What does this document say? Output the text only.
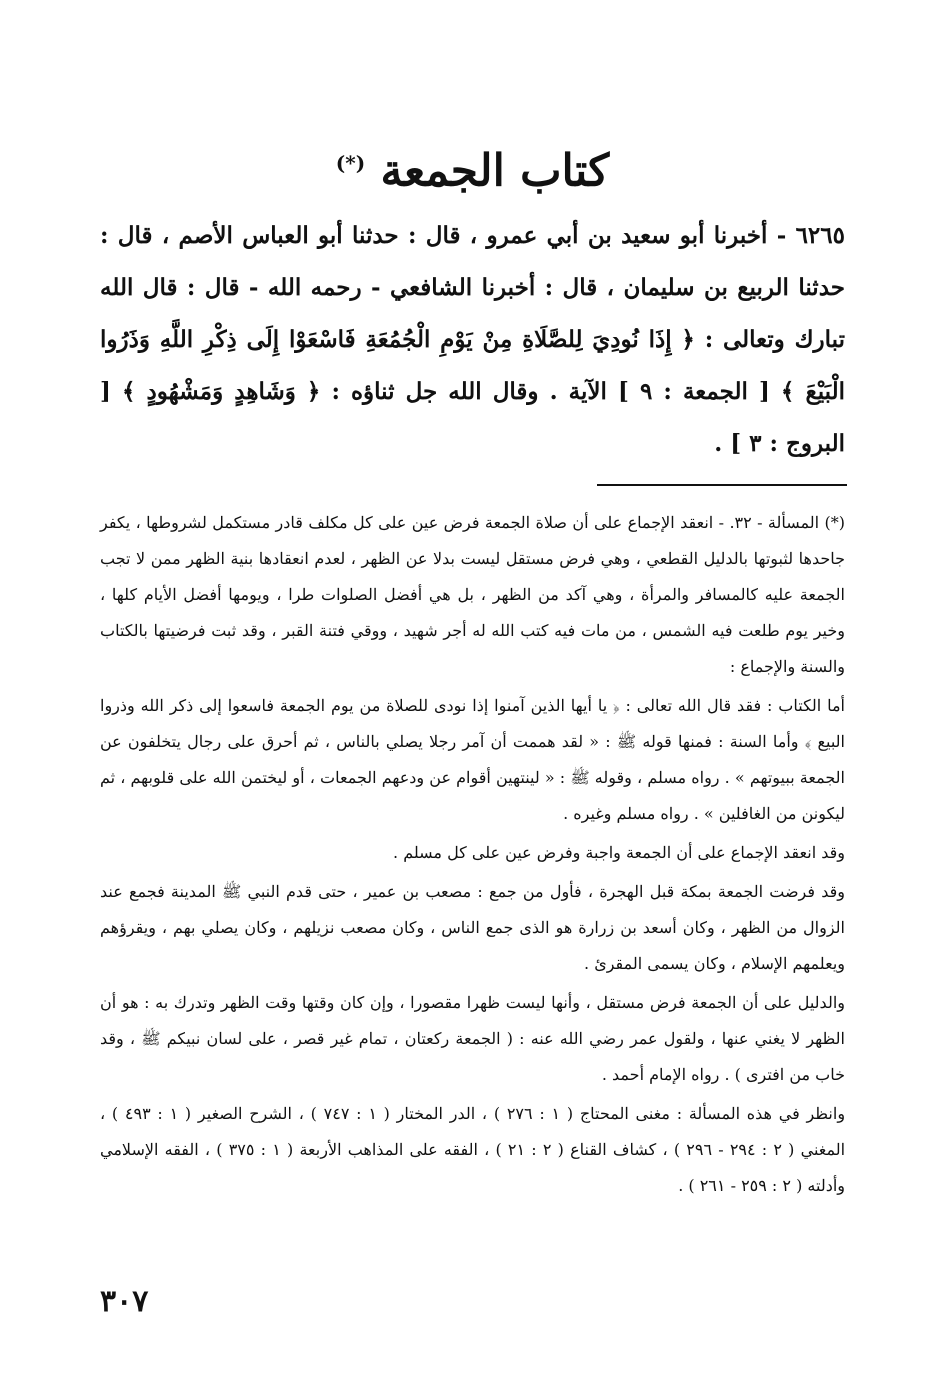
كتاب الجمعة (*)

٦٢٦٥ - أخبرنا أبو سعيد بن أبي عمرو ، قال : حدثنا أبو العباس الأصم ، قال : حدثنا الربيع بن سليمان ، قال : أخبرنا الشافعي - رحمه الله - قال : قال الله تبارك وتعالى : ﴿ إِذَا نُودِيَ لِلصَّلَاةِ مِنْ يَوْمِ الْجُمُعَةِ فَاسْعَوْا إِلَى ذِكْرِ اللَّهِ وَذَرُوا الْبَيْعَ ﴾ [ الجمعة : ٩ ] الآية . وقال الله جل ثناؤه : ﴿ وَشَاهِدٍ وَمَشْهُودٍ ﴾ [ البروج : ٣ ] .

(*) المسألة - ٣٢. - انعقد الإجماع على أن صلاة الجمعة فرض عين على كل مكلف قادر مستكمل لشروطها ، يكفر جاحدها لثبوتها بالدليل القطعي ، وهي فرض مستقل ليست بدلا عن الظهر ، لعدم انعقادها بنية الظهر ممن لا تجب الجمعة عليه كالمسافر والمرأة ، وهي آكد من الظهر ، بل هي أفضل الصلوات طرا ، ويومها أفضل الأيام كلها ، وخير يوم طلعت فيه الشمس ، من مات فيه كتب الله له أجر شهيد ، ووقي فتنة القبر ، وقد ثبت فرضيتها بالكتاب والسنة والإجماع :

أما الكتاب : فقد قال الله تعالى : ﴿ يا أيها الذين آمنوا إذا نودى للصلاة من يوم الجمعة فاسعوا إلى ذكر الله وذروا البيع ﴾ وأما السنة : فمنها قوله ﷺ : « لقد هممت أن آمر رجلا يصلي بالناس ، ثم أحرق على رجال يتخلفون عن الجمعة ببيوتهم » . رواه مسلم ، وقوله ﷺ : « لينتهين أقوام عن ودعهم الجمعات ، أو ليختمن الله على قلوبهم ، ثم ليكونن من الغافلين » . رواه مسلم وغيره .

وقد انعقد الإجماع على أن الجمعة واجبة وفرض عين على كل مسلم .

وقد فرضت الجمعة بمكة قبل الهجرة ، فأول من جمع : مصعب بن عمير ، حتى قدم النبي ﷺ المدينة فجمع عند الزوال من الظهر ، وكان أسعد بن زرارة هو الذى جمع الناس ، وكان مصعب نزيلهم ، وكان يصلي بهم ، ويقرؤهم ويعلمهم الإسلام ، وكان يسمى المقرئ .

والدليل على أن الجمعة فرض مستقل ، وأنها ليست ظهرا مقصورا ، وإن كان وقتها وقت الظهر وتدرك به : هو أن الظهر لا يغني عنها ، ولقول عمر رضي الله عنه : ( الجمعة ركعتان ، تمام غير قصر ، على لسان نبيكم ﷺ ، وقد خاب من افترى ) . رواه الإمام أحمد .

وانظر في هذه المسألة : مغنى المحتاج ( ١ : ٢٧٦ ) ، الدر المختار ( ١ : ٧٤٧ ) ، الشرح الصغير ( ١ : ٤٩٣ ) ، المغني ( ٢ : ٢٩٤ - ٢٩٦ ) ، كشاف القناع ( ٢ : ٢١ ) ، الفقه على المذاهب الأربعة ( ١ : ٣٧٥ ) ، الفقه الإسلامي وأدلته ( ٢ : ٢٥٩ - ٢٦١ ) .

٣٠٧
